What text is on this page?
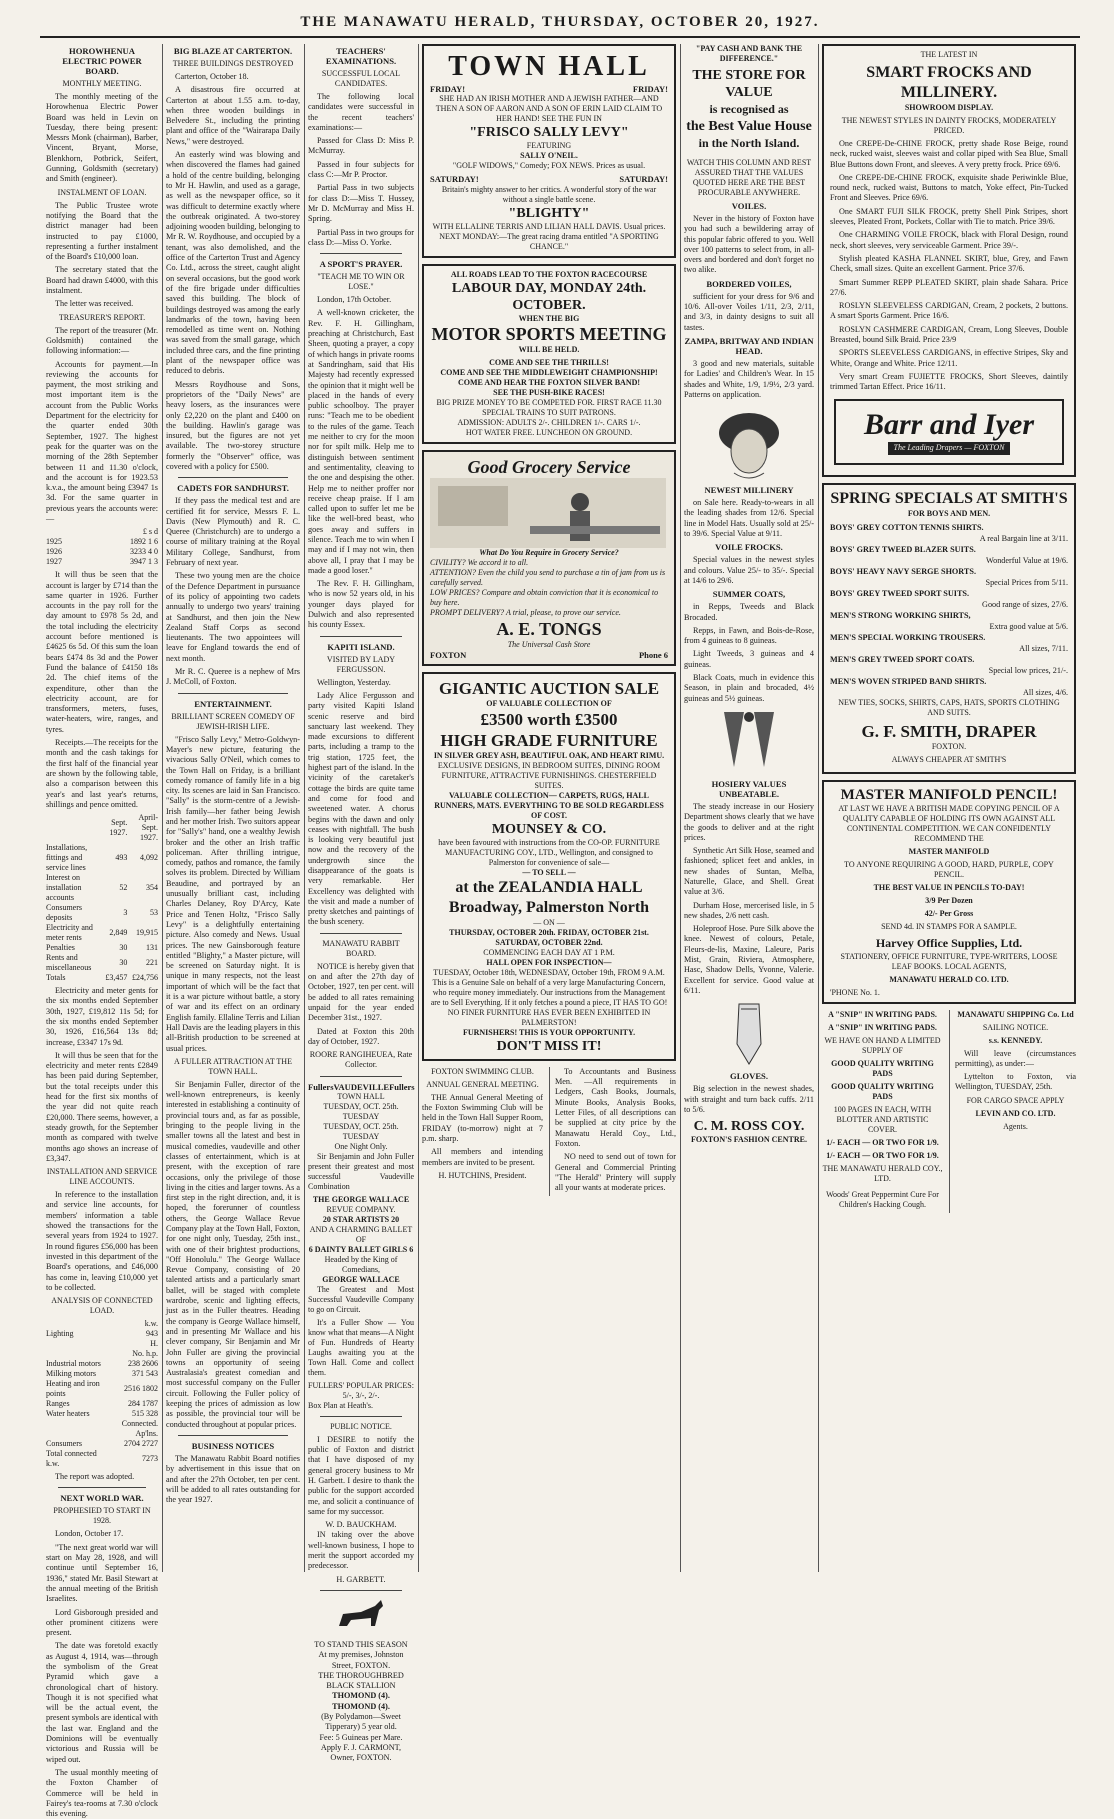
THE MANAWATU HERALD, THURSDAY, OCTOBER 20, 1927.
HOROWHENUA ELECTRIC POWER BOARD.
MONTHLY MEETING.

The monthly meeting of the Horowhenua Electric Power Board was held in Levin on Tuesday, there being present: Messrs Monk (chairman), Barber, Vincent, Bryant, Morse, Blenkhorn, Potbrick, Seifert, Gunning, Goldsmith (secretary) and Smith (engineer).

INSTALMENT OF LOAN.

The Public Trustee wrote notifying the Board that the district manager had been instructed to pay £1000, representing a further instalment of the Board's £10,000 loan.

The secretary stated that the Board had drawn £4000, with this instalment.

The letter was received.

TREASURER'S REPORT.

The report of the treasurer (Mr. Goldsmith) contained the following information:—

Accounts for payment.—In reviewing the accounts for payment, the most striking and most important item is the account from the Public Works Department for the electricity for the quarter ended 30th September, 1927. The highest peak for the quarter was on the morning of the 28th September between 11 and 11.30 o'clock, and the account is for 1923.53 k.v.a., the amount being £3947 1s 3d. For the same quarter in previous years the accounts were:—

	£ s d
1925	1892 1 6
1926	3233 4 0
1927	3947 1 3

It will thus be seen that the account is larger by £714 than the same quarter in 1926. Further accounts in the pay roll for the day amount to £978 5s 2d, and the total including the electricity account before mentioned is £4625 6s 5d. Of this sum the loan bears £474 8s 3d and the Power Fund the balance of £4150 18s 2d. The chief items of the expenditure, other than the electricity account, are for transformers, meters, fuses, water-heaters, wire, ranges, and tyres.

Receipts.—The receipts for the month and the cash takings for the first half of the financial year are shown by the following table, also a comparison between this year's and last year's returns, shillings and pence omitted.

	Sept. 1927.	April-Sept. 1927.
Installations, fittings and service lines	493	4,092
Interest on installation accounts	52	354
Consumers deposits	3	53
Electricity and meter rents	2,849	19,915
Penalties	30	131
Rents and miscellaneous	30	221
Totals	£3,457	£24,756

Electricity and meter gents for the six months ended September 30th, 1927, £19,812 11s 5d; for the six months ended September 30, 1926, £16,564 13s 8d; increase, £3347 17s 9d.

It will thus be seen that for the electricity and meter rents £2849 has been paid during September, but the total receipts under this head for the first six months of the year did not quite reach £20,000. There seems, however, a steady growth, for the September month as compared with twelve months ago shows an increase of £3,347.

INSTALLATION AND SERVICE LINE ACCOUNTS.

In reference to the installation and service line accounts, for members' information a table showed the transactions for the several years from 1924 to 1927. In round figures £56,000 has been invested in this department of the Board's operations, and £46,000 has come in, leaving £10,000 yet to be collected.

ANALYSIS OF CONNECTED LOAD.
	k.w.
Lighting	943
	H.
	No. h.p.
Industrial motors	238 2606
Milking motors	371 543
Heating and iron points	2516 1802
Ranges	284 1787
Water heaters	515 328
	Connected. Ap'lns.
Consumers	2704 2727
Total connected k.w.	7273

The report was adopted.

NEXT WORLD WAR.
PROPHESIED TO START IN 1928.

London, October 17.

"The next great world war will start on May 28, 1928, and will continue until September 16, 1936," stated Mr. Basil Stewart at the annual meeting of the British Israelites.

Lord Gisborough presided and other prominent citizens were present.

The date was foretold exactly as August 4, 1914, was—through the symbolism of the Great Pyramid which gave a chronological chart of history. Though it is not specified what will be the actual event, the present symbols are identical with the last war. England and the Dominions will be eventually victorious and Russia will be wiped out.

The usual monthly meeting of the Foxton Chamber of Commerce will be held in Fairey's tea-rooms at 7.30 o'clock this evening.

BIG BLAZE AT CARTERTON.
THREE BUILDINGS DESTROYED

Carterton, October 18.

A disastrous fire occurred at Carterton at about 1.55 a.m. to-day, when three wooden buildings in Belvedere St., including the printing plant and office of the "Wairarapa Daily News," were destroyed.

An easterly wind was blowing and when discovered the flames had gained a hold of the centre building, belonging to Mr H. Hawlin, and used as a garage, as well as the newspaper office, so it was difficult to determine exactly where the outbreak originated. A two-storey adjoining wooden building, belonging to Mr R. W. Roydhouse, and occupied by a tenant, was also demolished, and the office of the Carterton Trust and Agency Co. Ltd., across the street, caught alight on several occasions, but the good work of the fire brigade under difficulties saved this building. The block of buildings destroyed was among the early landmarks of the town, having been remodelled as time went on. Nothing was saved from the small garage, which included three cars, and the fine printing plant of the newspaper office was reduced to debris.

Messrs Roydhouse and Sons, proprietors of the "Daily News" are heavy losers, as the insurances were only £2,220 on the plant and £400 on the building. Hawlin's garage was insured, but the figures are not yet available. The two-storey structure formerly the "Observer" office, was covered with a policy for £500.

CADETS FOR SANDHURST.

If they pass the medical test and are certified fit for service, Messrs F. L. Davis (New Plymouth) and R. C. Queree (Christchurch) are to undergo a course of military training at the Royal Military College, Sandhurst, from February of next year.

These two young men are the choice of the Defence Department in pursuance of its policy of appointing two cadets annually to undergo two years' training at Sandhurst, and then join the New Zealand Staff Corps as second lieutenants. The two appointees will leave for England towards the end of next month.

Mr R. C. Queree is a nephew of Mrs J. McColl, of Foxton.

ENTERTAINMENT.
BRILLIANT SCREEN COMEDY OF JEWISH-IRISH LIFE.

"Frisco Sally Levy," Metro-Goldwyn-Mayer's new picture, featuring the vivacious Sally O'Neil, which comes to the Town Hall on Friday, is a brilliant comedy romance of family life in a big city. Its scenes are laid in San Francisco. "Sally" is the storm-centre of a Jewish-Irish family—her father being Jewish and her mother Irish. Two suitors appear for "Sally's" hand, one a wealthy Jewish broker and the other an Irish traffic policeman. After thrilling intrigue, comedy, pathos and romance, the family solves its problem. Directed by William Beaudine, and portrayed by an unusually brilliant cast, including Charles Delaney, Roy D'Arcy, Kate Price and Tenen Holtz, "Frisco Sally Levy" is a delightfully entertaining picture. Also comedy and News. Usual prices. The new Gainsborough feature entitled "Blighty," a Master picture, will be screened on Saturday night. It is unique in many respects, not the least important of which will be the fact that it is a war picture without battle, a story of war and its effect on an ordinary English family. Ellaline Terris and Lilian Hall Davis are the leading players in this all-British production to be screened at usual prices.

A FULLER ATTRACTION AT THE TOWN HALL.

Sir Benjamin Fuller, director of the well-known entrepreneurs, is keenly interested in establishing a continuity of provincial tours and, as far as possible, bringing to the people living in the smaller towns all the latest and best in musical comedies, vaudeville and other classes of entertainment, which is at present, with the exception of rare occasions, only the privilege of those living in the cities and larger towns. As a first step in the right direction, and, it is hoped, the forerunner of countless others, the George Wallace Revue Company play at the Town Hall, Foxton, for one night only, Tuesday, 25th inst., with one of their brightest productions, "Off Honolulu." The George Wallace Revue Company, consisting of 20 talented artists and a particularly smart ballet, will be staged with complete wardrobe, scenic and lighting effects, just as in the Fuller theatres. Heading the company is George Wallace himself, and in presenting Mr Wallace and his clever company, Sir Benjamin and Mr John Fuller are giving the provincial towns an opportunity of seeing Australasia's greatest comedian and most successful company on the Fuller circuit. Following the Fuller policy of keeping the prices of admission as low as possible, the provincial tour will be conducted throughout at popular prices.

BUSINESS NOTICES

The Manawatu Rabbit Board notifies by advertisement in this issue that on and after the 27th October, ten per cent. will be added to all rates outstanding for the year 1927.

TEACHERS' EXAMINATIONS.
SUCCESSFUL LOCAL CANDIDATES.

The following local candidates were successful in the recent teachers' examinations:—

Passed for Class D: Miss P. McMurray.

Passed in four subjects for class C:—Mr P. Proctor.

Partial Pass in two subjects for class D:—Miss T. Hussey, Mr D. McMurray and Miss H. Spring.

Partial Pass in two groups for class D:—Miss O. Yorke.

A SPORT'S PRAYER.
"TEACH ME TO WIN OR LOSE."

London, 17th October.

A well-known cricketer, the Rev. F. H. Gillingham, preaching at Christchurch, East Sheen, quoting a prayer, a copy of which hangs in private rooms at Sandringham, said that His Majesty had recently expressed the opinion that it might well be placed in the hands of every public schoolboy. The prayer runs: "Teach me to be obedient to the rules of the game. Teach me neither to cry for the moon nor for spilt milk. Help me to distinguish between sentiment and sentimentality, cleaving to the one and despising the other. Help me to neither proffer nor receive cheap praise. If I am called upon to suffer let me be like the well-bred beast, who goes away and suffers in silence. Teach me to win when I may and if I may not win, then above all, I pray that I may be made a good loser."

The Rev. F. H. Gillingham, who is now 52 years old, in his younger days played for Dulwich and also represented his county Essex.

KAPITI ISLAND.
VISITED BY LADY FERGUSSON.

Wellington, Yesterday.

Lady Alice Fergusson and party visited Kapiti Island scenic reserve and bird sanctuary last weekend. They made excursions to different parts, including a tramp to the trig station, 1725 feet, the highest part of the island. In the vicinity of the caretaker's cottage the birds are quite tame and come for food and sweetened water. A chorus begins with the dawn and only ceases with nightfall. The bush is looking very beautiful just now and the recovery of the undergrowth since the disappearance of the goats is very remarkable. Her Excellency was delighted with the visit and made a number of pretty sketches and paintings of the bush scenery.

MANAWATU RABBIT BOARD.

NOTICE is hereby given that on and after the 27th day of October, 1927, ten per cent. will be added to all rates remaining unpaid for the year ended December 31st., 1927.

Dated at Foxton this 20th day of October, 1927.

ROORE RANGIHEUEA, Rate Collector.
Fullers VAUDEVILLE Fullers
TOWN HALL
TUESDAY, OCT. 25th. TUESDAY
TUESDAY, OCT. 25th. TUESDAY
One Night Only.

Sir Benjamin and John Fuller present their greatest and most successful Vaudeville Combination

THE GEORGE WALLACE
REVUE COMPANY.
20 STAR ARTISTS 20
AND A CHARMING BALLET OF
6 DAINTY BALLET GIRLS 6
Headed by the King of Comedians,
GEORGE WALLACE

The Greatest and Most Successful Vaudeville Company to go on Circuit.

It's a Fuller Show — You know what that means—A Night of Fun. Hundreds of Hearty Laughs awaiting you at the Town Hall. Come and collect them.

FULLERS' POPULAR PRICES:
5/-, 3/-, 2/-.
Box Plan at Heath's.
PUBLIC NOTICE.

I DESIRE to notify the public of Foxton and district that I have disposed of my general grocery business to Mr H. Garbett. I desire to thank the public for the support accorded me, and solicit a continuance of same for my successor.

W. D. BAUCKHAM.

IN taking over the above well-known business, I hope to merit the support accorded my predecessor.

H. GARBETT.
TO STAND THIS SEASON
At my premises, Johnston Street, FOXTON.
THE THOROUGHBRED BLACK STALLION
THOMOND (4).
THOMOND (4).
(By Polydamon—Sweet Tipperary) 5 year old.
Fee: 5 Guineas per Mare.
Apply F. J. CARMONT, Owner, FOXTON.
TOWN HALL
FRIDAY!	FRIDAY!
SHE HAD AN IRISH MOTHER AND A JEWISH FATHER—AND THEN A SON OF AARON AND A SON OF ERIN LAID CLAIM TO HER HAND! SEE THE FUN IN
"FRISCO SALLY LEVY"
FEATURING
SALLY O'NEIL.
"GOLF WIDOWS," Comedy; FOX NEWS. Prices as usual.
SATURDAY!	SATURDAY!
Britain's mighty answer to her critics. A wonderful story of the war without a single battle scene.
"BLIGHTY"
WITH ELLALINE TERRIS AND LILIAN HALL DAVIS. Usual prices.
NEXT MONDAY:—The great racing drama entitled "A SPORTING CHANCE."
ALL ROADS LEAD TO THE FOXTON RACECOURSE
LABOUR DAY, MONDAY 24th. OCTOBER.
WHEN THE BIG
MOTOR SPORTS MEETING
WILL BE HELD.
COME AND SEE THE THRILLS!
COME AND SEE THE MIDDLEWEIGHT CHAMPIONSHIP!
COME AND HEAR THE FOXTON SILVER BAND!
SEE THE PUSH-BIKE RACES!
BIG PRIZE MONEY TO BE COMPETED FOR. FIRST RACE 11.30
SPECIAL TRAINS TO SUIT PATRONS.
ADMISSION: ADULTS 2/-. CHILDREN 1/-. CARS 1/-.
HOT WATER FREE. LUNCHEON ON GROUND.
Good Grocery Service
What Do You Require in Grocery Service?
CIVILITY? We accord it to all.
ATTENTION? Even the child you send to purchase a tin of jam from us is carefully served.
LOW PRICES? Compare and obtain conviction that it is economical to buy here.
PROMPT DELIVERY? A trial, please, to prove our service.
A. E. TONGS
The Universal Cash Store
FOXTON	Phone 6
GIGANTIC AUCTION SALE
OF VALUABLE COLLECTION OF
£3500 worth £3500
HIGH GRADE FURNITURE
IN SILVER GREY ASH, BEAUTIFUL OAK, AND HEART RIMU.
EXCLUSIVE DESIGNS, IN BEDROOM SUITES, DINING ROOM FURNITURE, ATTRACTIVE FURNISHINGS. CHESTERFIELD SUITES.
VALUABLE COLLECTION— CARPETS, RUGS, HALL RUNNERS, MATS. EVERYTHING TO BE SOLD REGARDLESS OF COST.
MOUNSEY & CO.
have been favoured with instructions from the CO-OP. FURNITURE MANUFACTURING COY., LTD., Wellington, and consigned to Palmerston for convenience of sale—
— TO SELL —
at the ZEALANDIA HALL
Broadway, Palmerston North
— ON —
THURSDAY, OCTOBER 20th. FRIDAY, OCTOBER 21st. SATURDAY, OCTOBER 22nd.
COMMENCING EACH DAY AT 1 P.M.
HALL OPEN FOR INSPECTION—
TUESDAY, October 18th, WEDNESDAY, October 19th, FROM 9 A.M.
This is a Genuine Sale on behalf of a very large Manufacturing Concern, who require money immediately. Our instructions from the Management are to Sell Everything. If it only fetches a pound a piece, IT HAS TO GO!
NO FINER FURNITURE HAS EVER BEEN EXHIBITED IN PALMERSTON!
FURNISHERS! THIS IS YOUR OPPORTUNITY.
DON'T MISS IT!
FOXTON SWIMMING CLUB.
ANNUAL GENERAL MEETING.

THE Annual General Meeting of the Foxton Swimming Club will be held in the Town Hall Supper Room, FRIDAY (to-morrow) night at 7 p.m. sharp.

All members and intending members are invited to be present.

H. HUTCHINS, President.

To Accountants and Business Men. —All requirements in Ledgers, Cash Books, Journals, Minute Books, Analysis Books, Letter Files, of all descriptions can be supplied at city price by the Manawatu Herald Coy., Ltd., Foxton.

NO need to send out of town for General and Commercial Printing "The Herald" Printery will supply all your wants at moderate prices.

"PAY CASH AND BANK THE DIFFERENCE."
THE STORE FOR VALUE
is recognised as
the Best Value House
in the North Island.
WATCH THIS COLUMN AND REST ASSURED THAT THE VALUES QUOTED HERE ARE THE BEST PROCURABLE ANYWHERE.
VOILES.

Never in the history of Foxton have you had such a bewildering array of this popular fabric offered to you. Well over 100 patterns to select from, in all-overs and bordered and don't forget no two alike.

BORDERED VOILES,

sufficient for your dress for 9/6 and 10/6. All-over Voiles 1/11, 2/3, 2/11, and 3/3, in dainty designs to suit all tastes.

ZAMPA, BRITWAY AND INDIAN HEAD.

3 good and new materials, suitable for Ladies' and Children's Wear. In 15 shades and White, 1/9, 1/9½, 2/3 yard. Patterns on application.

NEWEST MILLINERY

on Sale here. Ready-to-wears in all the leading shades from 12/6. Special line in Model Hats. Usually sold at 25/- to 39/6. Special Value at 9/11.

VOILE FROCKS.

Special values in the newest styles and colours. Value 25/- to 35/-. Special at 14/6 to 29/6.

SUMMER COATS,

in Repps, Tweeds and Black Brocaded.

Repps, in Fawn, and Bois-de-Rose, from 4 guineas to 8 guineas.

Light Tweeds, 3 guineas and 4 guineas.

Black Coats, much in evidence this Season, in plain and brocaded, 4½ guineas and 5½ guineas.

HOSIERY VALUES UNBEATABLE.

The steady increase in our Hosiery Department shows clearly that we have the goods to deliver and at the right prices.

Synthetic Art Silk Hose, seamed and fashioned; splicet feet and ankles, in new shades of Suntan, Melba, Naturelle, Glace, and Shell. Great value at 3/6.

Durham Hose, mercerised lisle, in 5 new shades, 2/6 nett cash.

Holeproof Hose. Pure Silk above the knee. Newest of colours, Petale, Fleurs-de-lis, Maxine, Laleure, Paris Mist, Grain, Riviera, Atmosphere, Hasc, Shadow Dells, Yvonne, Valerie. Excellent for service. Good value at 6/11.

GLOVES.

Big selection in the newest shades, with straight and turn back cuffs. 2/11 to 5/6.

C. M. ROSS COY.
FOXTON'S FASHION CENTRE.
THE LATEST IN
SMART FROCKS AND MILLINERY.
SHOWROOM DISPLAY.
THE NEWEST STYLES IN DAINTY FROCKS, MODERATELY PRICED.

One CREPE-De-CHINE FROCK, pretty shade Rose Beige, round neck, rucked waist, sleeves waist and collar piped with Sea Blue, Small Blue Buttons down Front, and sleeves. A very pretty frock. Price 69/6.

One CREPE-DE-CHINE FROCK, exquisite shade Periwinkle Blue, round neck, rucked waist, Buttons to match, Yoke effect, Pin-Tucked Front and Sleeves. Price 69/6.

One SMART FUJI SILK FROCK, pretty Shell Pink Stripes, short sleeves, Pleated Front, Pockets, Collar with Tie to match. Price 39/6.

One CHARMING VOILE FROCK, black with Floral Design, round neck, short sleeves, very serviceable Garment. Price 39/-.

Stylish pleated KASHA FLANNEL SKIRT, blue, Grey, and Fawn Check, small sizes. Quite an excellent Garment. Price 37/6.

Smart Summer REPP PLEATED SKIRT, plain shade Sahara. Price 27/6.

ROSLYN SLEEVELESS CARDIGAN, Cream, 2 pockets, 2 buttons. A smart Sports Garment. Price 16/6.

ROSLYN CASHMERE CARDIGAN, Cream, Long Sleeves, Double Breasted, bound Silk Braid. Price 23/9

SPORTS SLEEVELESS CARDIGANS, in effective Stripes, Sky and White, Orange and White. Price 12/11.

Very smart Cream FUJIETTE FROCKS, Short Sleeves, daintily trimmed Tartan Effect. Price 16/11.

Barr and Iyer
The Leading Drapers — FOXTON
SPRING SPECIALS AT SMITH'S
FOR BOYS AND MEN.
BOYS' GREY COTTON TENNIS SHIRTS.
A real Bargain line at 3/11.
BOYS' GREY TWEED BLAZER SUITS.
Wonderful Value at 19/6.
BOYS' HEAVY NAVY SERGE SHORTS.
Special Prices from 5/11.
BOYS' GREY TWEED SPORT SUITS.
Good range of sizes, 27/6.
MEN'S STRONG WORKING SHIRTS,
Extra good value at 5/6.
MEN'S SPECIAL WORKING TROUSERS.
All sizes, 7/11.
MEN'S GREY TWEED SPORT COATS.
Special low prices, 21/-.
MEN'S WOVEN STRIPED BAND SHIRTS.
All sizes, 4/6.
NEW TIES, SOCKS, SHIRTS, CAPS, HATS, SPORTS CLOTHING AND SUITS.
G. F. SMITH, DRAPER
FOXTON.
ALWAYS CHEAPER AT SMITH'S
MASTER MANIFOLD PENCIL!
AT LAST WE HAVE A BRITISH MADE COPYING PENCIL OF A QUALITY CAPABLE OF HOLDING ITS OWN AGAINST ALL CONTINENTAL COMPETITION. WE CAN CONFIDENTLY RECOMMEND THE
MASTER MANIFOLD
TO ANYONE REQUIRING A GOOD, HARD, PURPLE, COPY PENCIL.
THE BEST VALUE IN PENCILS TO-DAY!
3/9 Per Dozen
42/- Per Gross
SEND 4d. IN STAMPS FOR A SAMPLE.
Harvey Office Supplies, Ltd.
STATIONERY, OFFICE FURNITURE, TYPE-WRITERS, LOOSE LEAF BOOKS. LOCAL AGENTS,
MANAWATU HERALD CO. LTD.
'PHONE No. 1.
A "SNIP" IN WRITING PADS.
A "SNIP" IN WRITING PADS.
WE HAVE ON HAND A LIMITED SUPPLY OF
GOOD QUALITY WRITING PADS
GOOD QUALITY WRITING PADS
100 PAGES IN EACH, WITH BLOTTER AND ARTISTIC COVER.
1/- EACH — OR TWO FOR 1/9.
1/- EACH — OR TWO FOR 1/9.
THE MANAWATU HERALD COY., LTD.
Woods' Great Peppermint Cure For Children's Hacking Cough.
MANAWATU SHIPPING Co. Ltd
SAILING NOTICE.
s.s. KENNEDY.

Will leave (circumstances permitting), as under:—

Lyttelton to Foxton, via Wellington, TUESDAY, 25th.

FOR CARGO SPACE APPLY
LEVIN AND CO. LTD.
Agents.
